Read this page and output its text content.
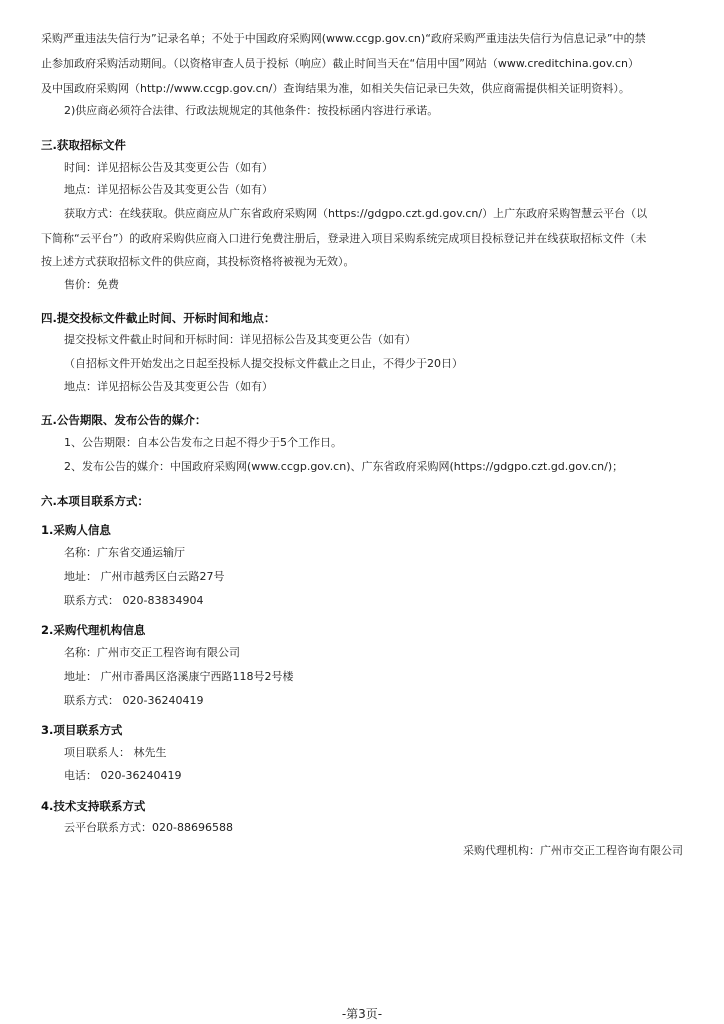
采购严重违法失信行为”记录名单；不处于中国政府采购网(www.ccgp.gov.cn)“政府采购严重违法失信行为信息记录”中的禁
止参加政府采购活动期间。（以资格审查人员于投标（响应）截止时间当天在“信用中国”网站（www.creditchina.gov.cn）
及中国政府采购网（http://www.ccgp.gov.cn/）查询结果为准，如相关失信记录已失效，供应商需提供相关证明资料）。
2)供应商必须符合法律、行政法规规定的其他条件：按投标函内容进行承诺。
三.获取招标文件
时间：详见招标公告及其变更公告（如有）
地点：详见招标公告及其变更公告（如有）
获取方式：在线获取。供应商应从广东省政府采购网（https://gdgpo.czt.gd.gov.cn/）上广东政府采购智慧云平台（以
下简称“云平台”）的政府采购供应商入口进行免费注册后，登录进入项目采购系统完成项目投标登记并在线获取招标文件（未
按上述方式获取招标文件的供应商，其投标资格将被视为无效）。
售价：免费
四.提交投标文件截止时间、开标时间和地点：
提交投标文件截止时间和开标时间：详见招标公告及其变更公告（如有）
（自招标文件开始发出之日起至投标人提交投标文件截止之日止，不得少于20日）
地点：详见招标公告及其变更公告（如有）
五.公告期限、发布公告的媒介：
1、公告期限：自本公告发布之日起不得少于5个工作日。
2、发布公告的媒介：中国政府采购网(www.ccgp.gov.cn)、广东省政府采购网(https://gdgpo.czt.gd.gov.cn/)；
六.本项目联系方式：
1.采购人信息
名称：广东省交通运输厅
地址： 广州市越秀区白云路27号
联系方式： 020-83834904
2.采购代理机构信息
名称：广州市交正工程咨询有限公司
地址： 广州市番禺区洛溪康宁西路118号2号楼
联系方式： 020-36240419
3.项目联系方式
项目联系人： 林先生
电话： 020-36240419
4.技术支持联系方式
云平台联系方式：020-88696588
采购代理机构：广州市交正工程咨询有限公司
-第3页-
